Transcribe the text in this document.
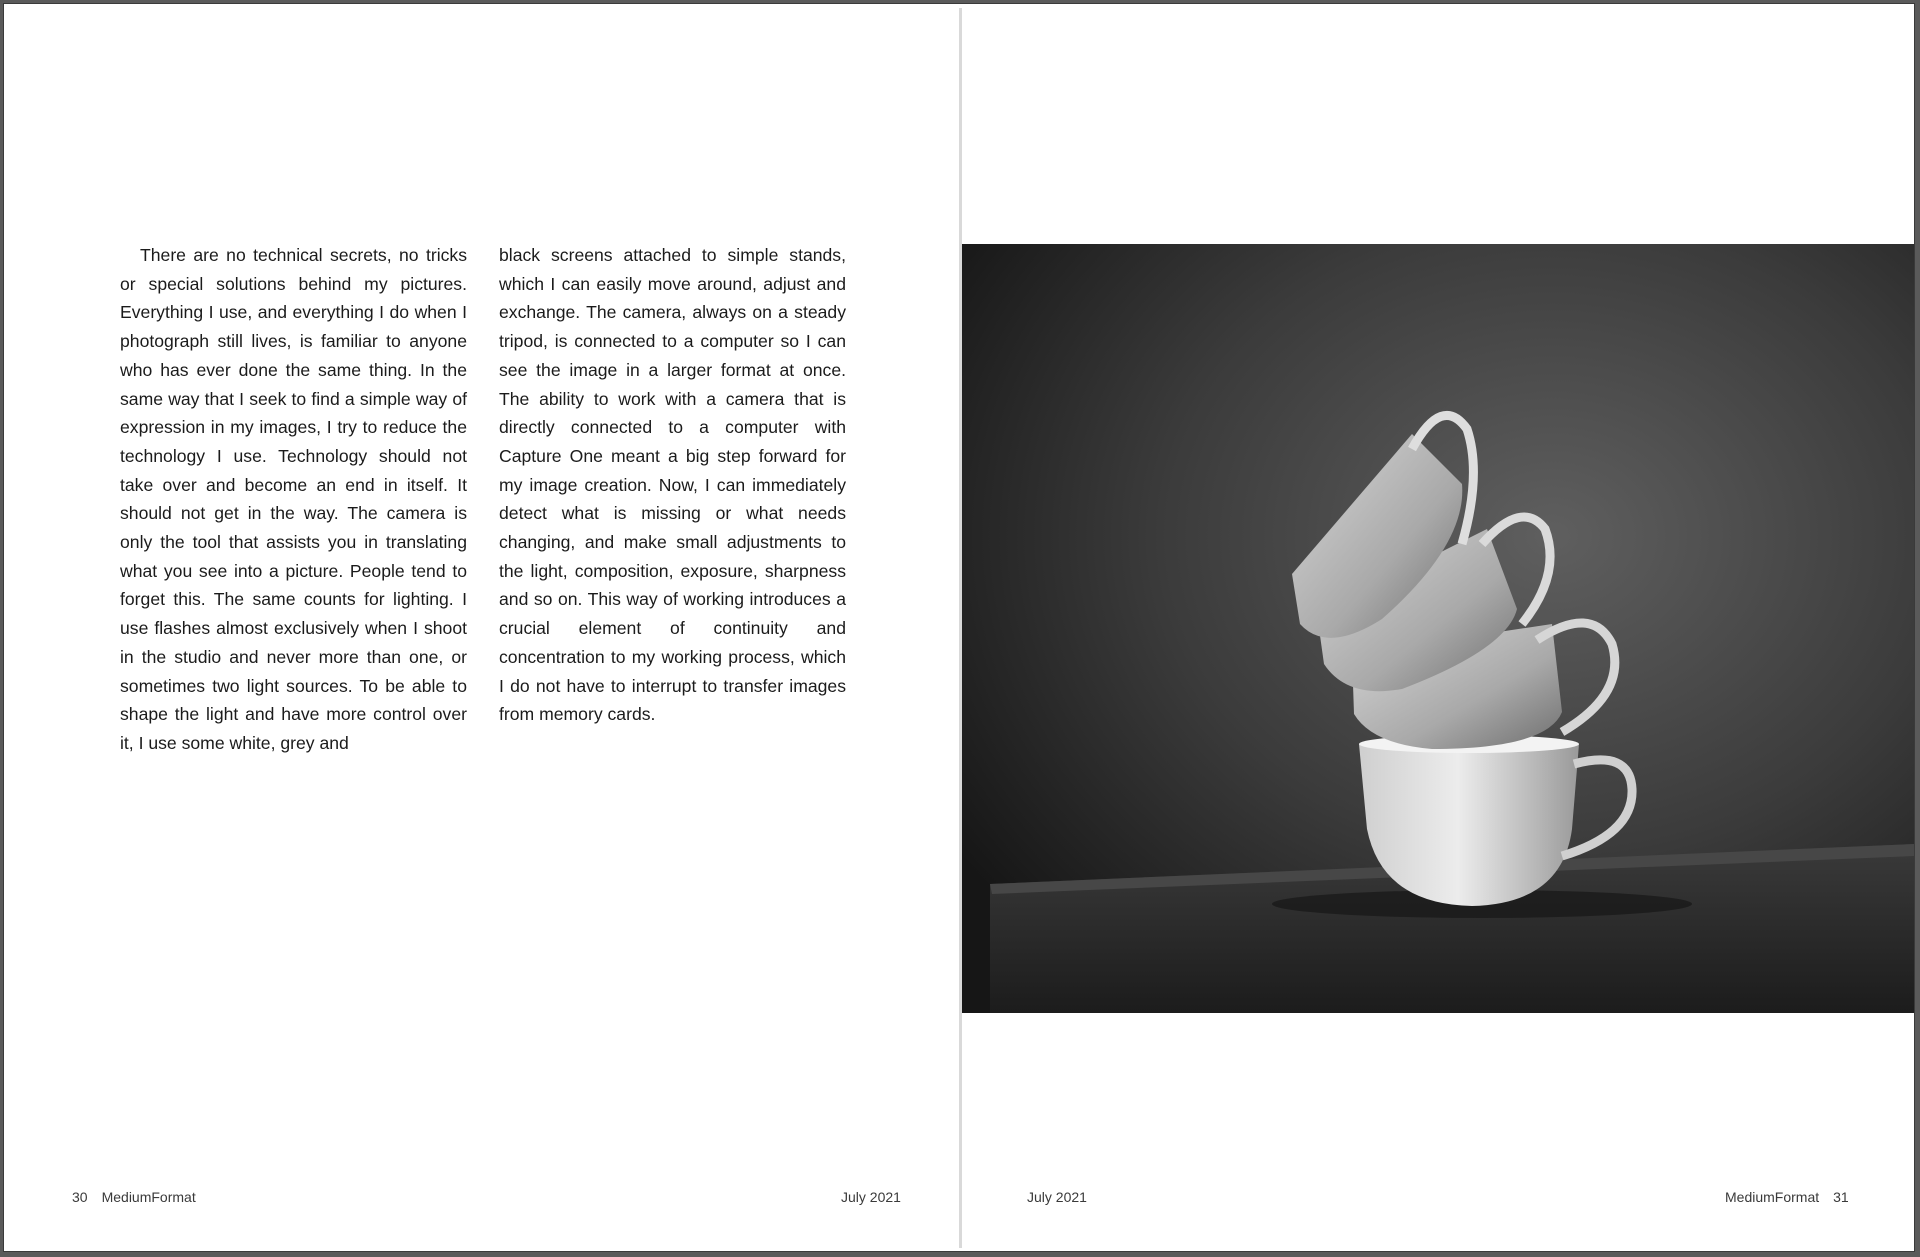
There are no technical secrets, no tricks or special solutions behind my pictures. Everything I use, and everything I do when I photograph still lives, is familiar to anyone who has ever done the same thing. In the same way that I seek to find a simple way of expression in my images, I try to reduce the technology I use. Technology should not take over and become an end in itself. It should not get in the way. The camera is only the tool that assists you in translating what you see into a picture. People tend to forget this. The same counts for lighting. I use flashes almost exclusively when I shoot in the studio and never more than one, or sometimes two light sources. To be able to shape the light and have more control over it, I use some white, grey and

black screens attached to simple stands, which I can easily move around, adjust and exchange. The camera, always on a steady tripod, is connected to a computer so I can see the image in a larger format at once. The ability to work with a camera that is directly connected to a computer with Capture One meant a big step forward for my image creation. Now, I can immediately detect what is missing or what needs changing, and make small adjustments to the light, composition, exposure, sharpness and so on. This way of working introduces a crucial element of continuity and concentration to my working process, which I do not have to interrupt to transfer images from memory cards.

30 MediumFormat	July 2021	July 2021	MediumFormat 31
